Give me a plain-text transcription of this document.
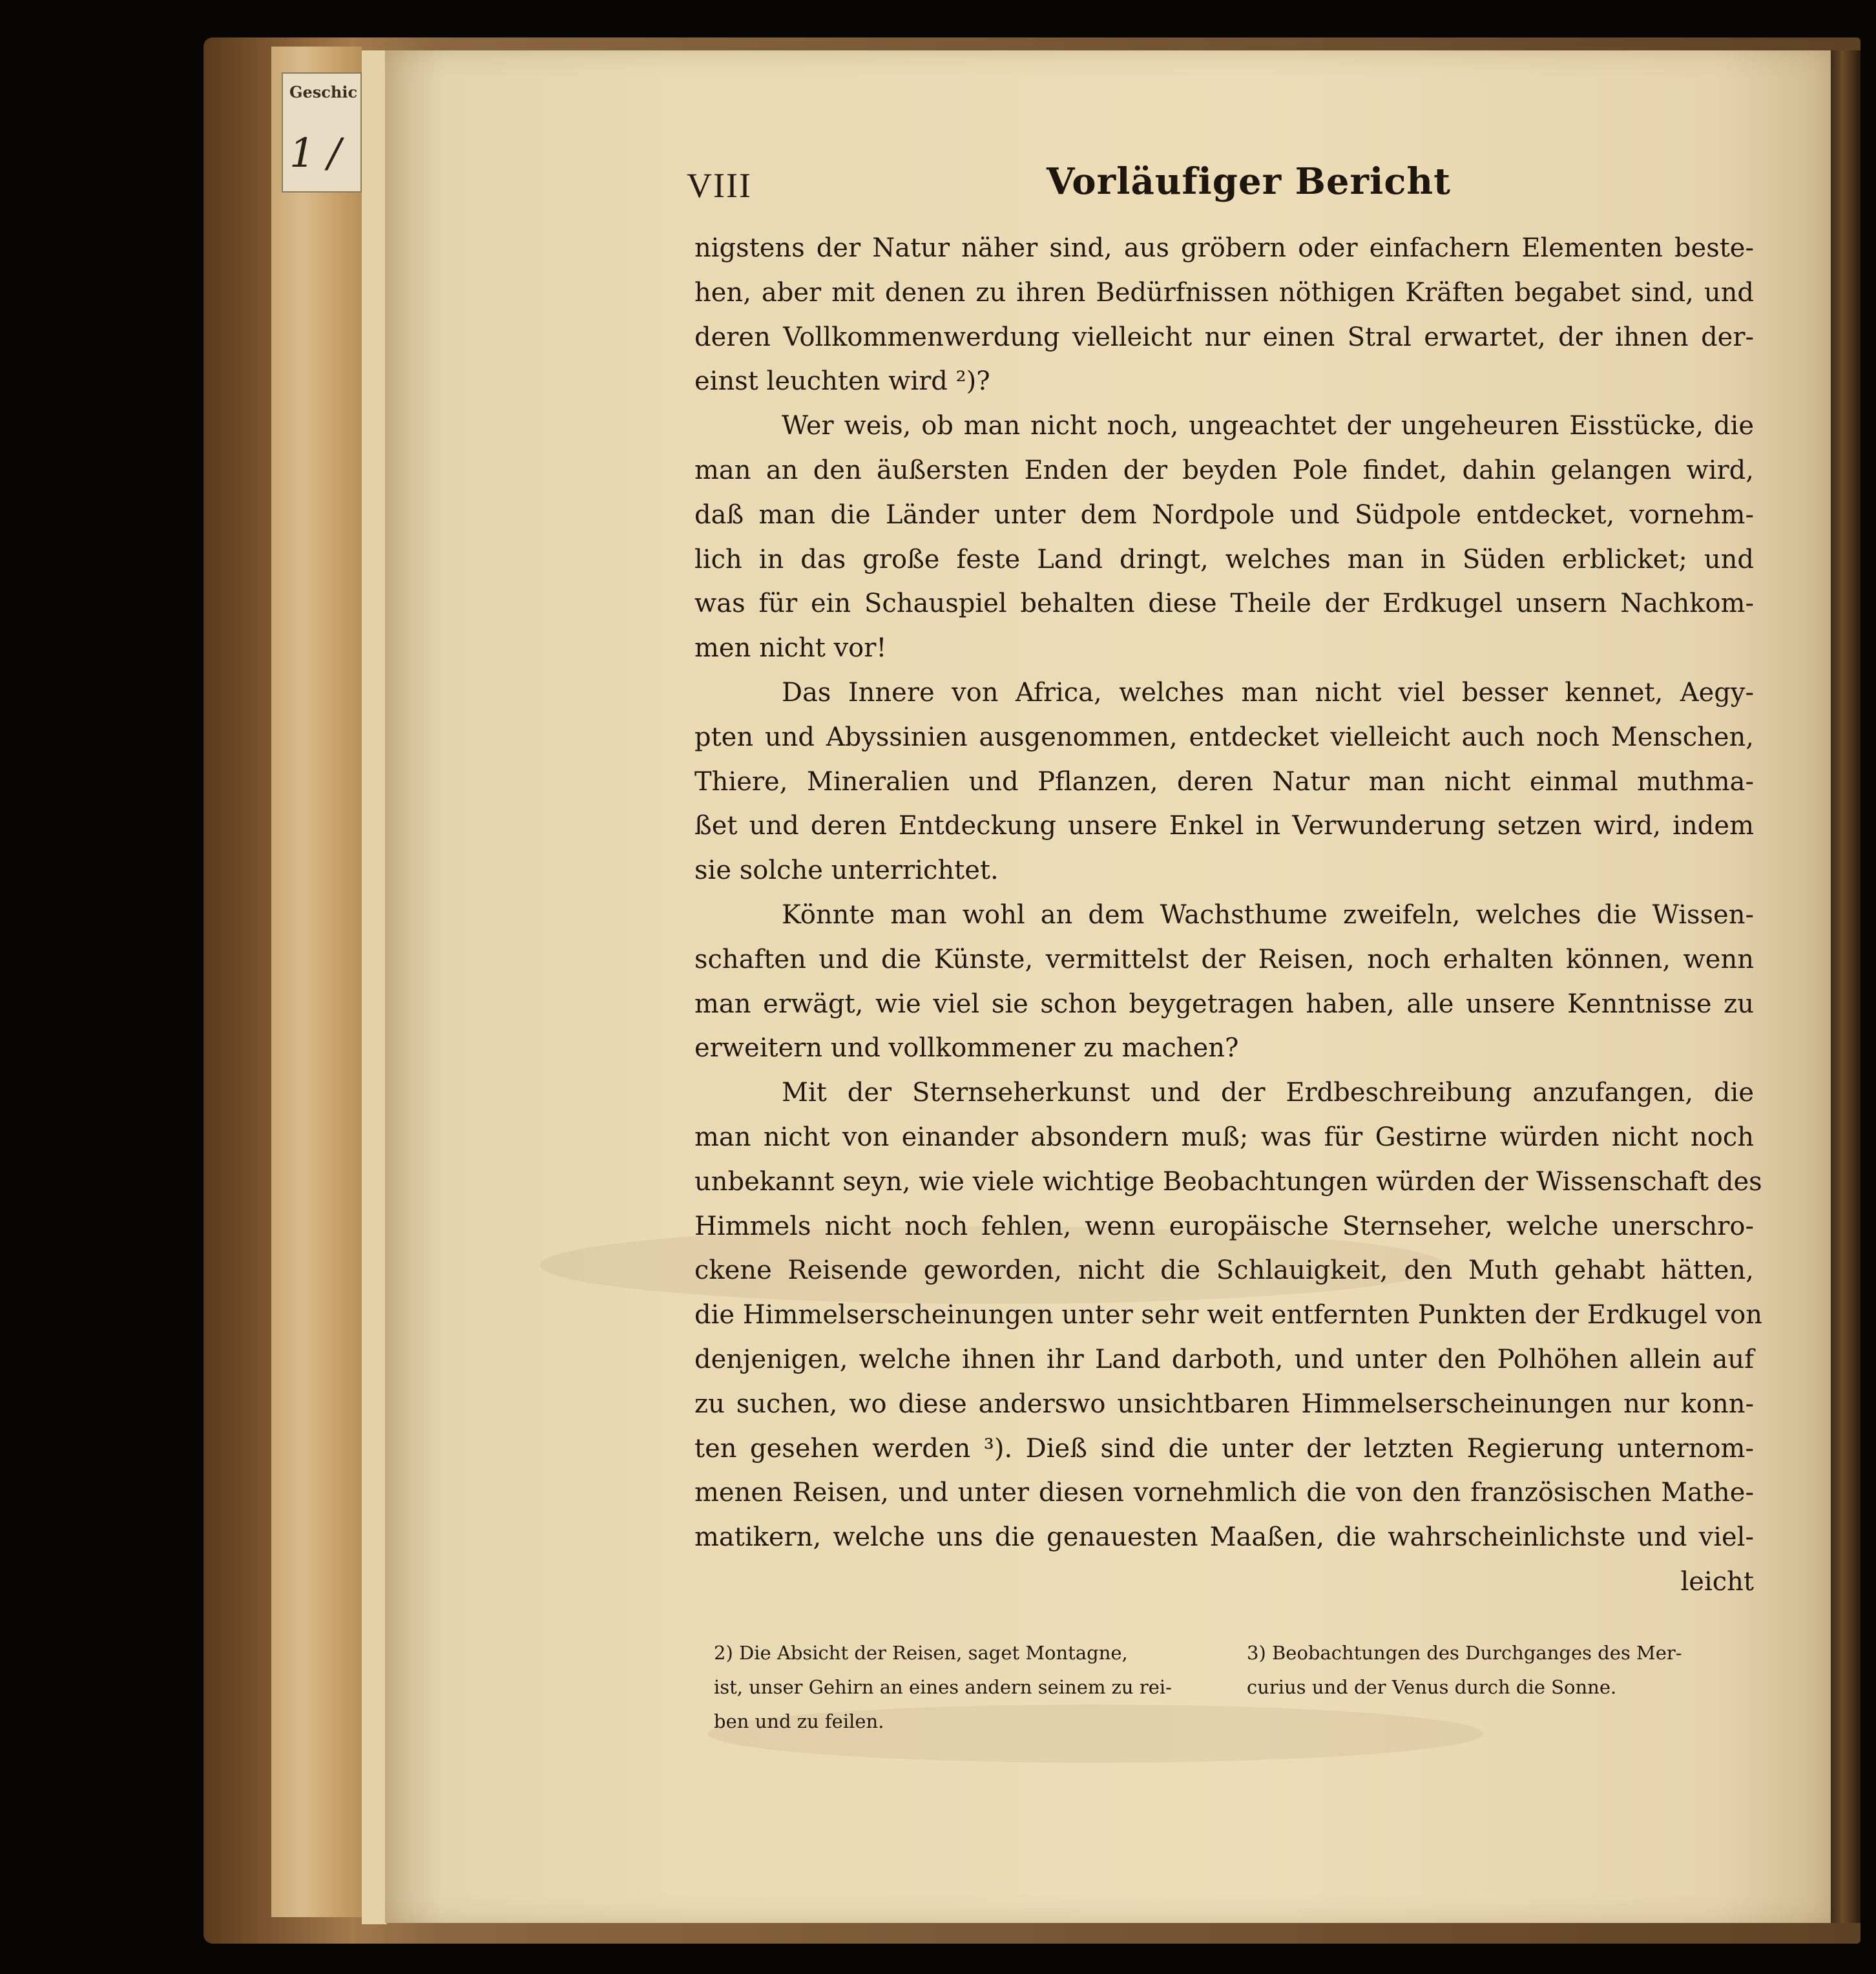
Geschic
1 /
VIII	Vorläufiger Bericht
nigstens der Natur näher sind, aus gröbern oder einfachern Elementen beste-
hen, aber mit denen zu ihren Bedürfnissen nöthigen Kräften begabet sind, und
deren Vollkommenwerdung vielleicht nur einen Stral erwartet, der ihnen der-
einst leuchten wird ²)?
Wer weis, ob man nicht noch, ungeachtet der ungeheuren Eisstücke, die
man an den äußersten Enden der beyden Pole findet, dahin gelangen wird,
daß man die Länder unter dem Nordpole und Südpole entdecket, vornehm-
lich in das große feste Land dringt, welches man in Süden erblicket; und
was für ein Schauspiel behalten diese Theile der Erdkugel unsern Nachkom-
men nicht vor!
Das Innere von Africa, welches man nicht viel besser kennet, Aegy-
pten und Abyssinien ausgenommen, entdecket vielleicht auch noch Menschen,
Thiere, Mineralien und Pflanzen, deren Natur man nicht einmal muthma-
ßet und deren Entdeckung unsere Enkel in Verwunderung setzen wird, indem
sie solche unterrichtet.
Könnte man wohl an dem Wachsthume zweifeln, welches die Wissen-
schaften und die Künste, vermittelst der Reisen, noch erhalten können, wenn
man erwägt, wie viel sie schon beygetragen haben, alle unsere Kenntnisse zu
erweitern und vollkommener zu machen?
Mit der Sternseherkunst und der Erdbeschreibung anzufangen, die
man nicht von einander absondern muß; was für Gestirne würden nicht noch
unbekannt seyn, wie viele wichtige Beobachtungen würden der Wissenschaft des
Himmels nicht noch fehlen, wenn europäische Sternseher, welche unerschro-
ckene Reisende geworden, nicht die Schlauigkeit, den Muth gehabt hätten,
die Himmelserscheinungen unter sehr weit entfernten Punkten der Erdkugel von
denjenigen, welche ihnen ihr Land darboth, und unter den Polhöhen allein auf
zu suchen, wo diese anderswo unsichtbaren Himmelserscheinungen nur konn-
ten gesehen werden ³). Dieß sind die unter der letzten Regierung unternom-
menen Reisen, und unter diesen vornehmlich die von den französischen Mathe-
matikern, welche uns die genauesten Maaßen, die wahrscheinlichste und viel-
leicht
2) Die Absicht der Reisen, saget Montagne,
ist, unser Gehirn an eines andern seinem zu rei-
ben und zu feilen.
3) Beobachtungen des Durchganges des Mer-
curius und der Venus durch die Sonne.
